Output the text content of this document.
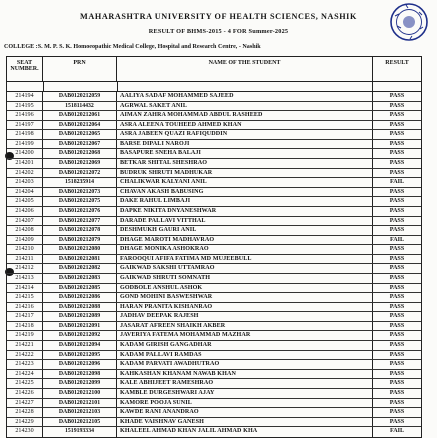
MAHARASHTRA UNIVERSITY OF HEALTH SCIENCES, NASHIK
RESULT OF BHMS-2015 - 4 FOR Summer-2025
COLLEGE :S. M. P. S. K. Homoeopathic Medical College, Hospital and Research Centre, - Nashik
SEAT NUMBER.
PRN	NAME OF THE STUDENT	RESULT
214194	DAB0120212059	AALIYA SADAF MOHAMMED SAJEED	PASS
214195	1518114432	AGRWAL SAKET ANIL	PASS
214196	DAB0120212061	AIMAN ZAHRA MOHAMMAD ABDUL RASHEED	PASS
214197	DAB0120212064	ASRA ALEENA TOUHEED AHMED KHAN	PASS
214198	DAB0120212065	ASRA JABEEN QUAZI RAFIQUDDIN	PASS
214199	DAB0120212067	BARSE DIPALI NAROJI	PASS
214200	DAB0120212068	BASAPURE SNEHA BALAJI	PASS
214201	DAB0120212069	BETKAR SHITAL SHESHRAO	PASS
214202	DAB0120212072	BUDRUK SHRUTI MADHUKAR	PASS
214203	1518235914	CHALIKWAR KALYANI ANIL	FAIL
214204	DAB0120212073	CHAVAN AKASH BABUSING	PASS
214205	DAB0120212075	DAKE RAHUL LIMBAJI	PASS
214206	DAB0120212076	DAPKE NIKITA DNYANESHWAR	PASS
214207	DAB0120212077	DARADE PALLAVI VITTHAL	PASS
214208	DAB0120212078	DESHMUKH GAURI ANIL	PASS
214209	DAB0120212079	DHAGE MAROTI MADHAVRAO	FAIL
214210	DAB0120212080	DHAGE MONIKA ASHOKRAO	PASS
214211	DAB0120212081	FAROOQUI AFIFA FATIMA MD MUJEEBULL	PASS
214212	DAB0120212082	GAIKWAD SAKSHI UTTAMRAO	PASS
214213	DAB0120212083	GAIKWAD SHRUTI SOMNATH	PASS
214214	DAB0120212085	GODBOLE ANSHUL ASHOK	PASS
214215	DAB0120212086	GOND MOHINI BASWESHWAR	PASS
214216	DAB0120212088	HARAN PRANITA KISHANRAO	PASS
214217	DAB0120212089	JADHAV DEEPAK RAJESH	PASS
214218	DAB0120212091	JASARAT AFREEN SHAIKH AKBER	PASS
214219	DAB0120212092	JAVERIYA FATEMA MOHAMMAD MAZHAR	PASS
214221	DAB0120212094	KADAM GIRISH GANGADHAR	PASS
214222	DAB0120212095	KADAM PALLAVI RAMDAS	PASS
214223	DAB0120212096	KADAM PARVATI AWADHUTRAO	PASS
214224	DAB0120212098	KAHKASHAN KHANAM NAWAB KHAN	PASS
214225	DAB0120212099	KALE ABHIJEET RAMESHRAO	PASS
214226	DAB0120212100	KAMBLE DURGESHWARI AJAY	PASS
214227	DAB0120212101	KAMORE POOJA SUNIL	PASS
214228	DAB0120212103	KAWDE RANI ANANDRAO	PASS
214229	DAB0120212105	KHADE VAISHNAV GANESH	PASS
214230	1519193334	KHALEEL AHMAD KHAN JALIL AHMAD KHA	FAIL
